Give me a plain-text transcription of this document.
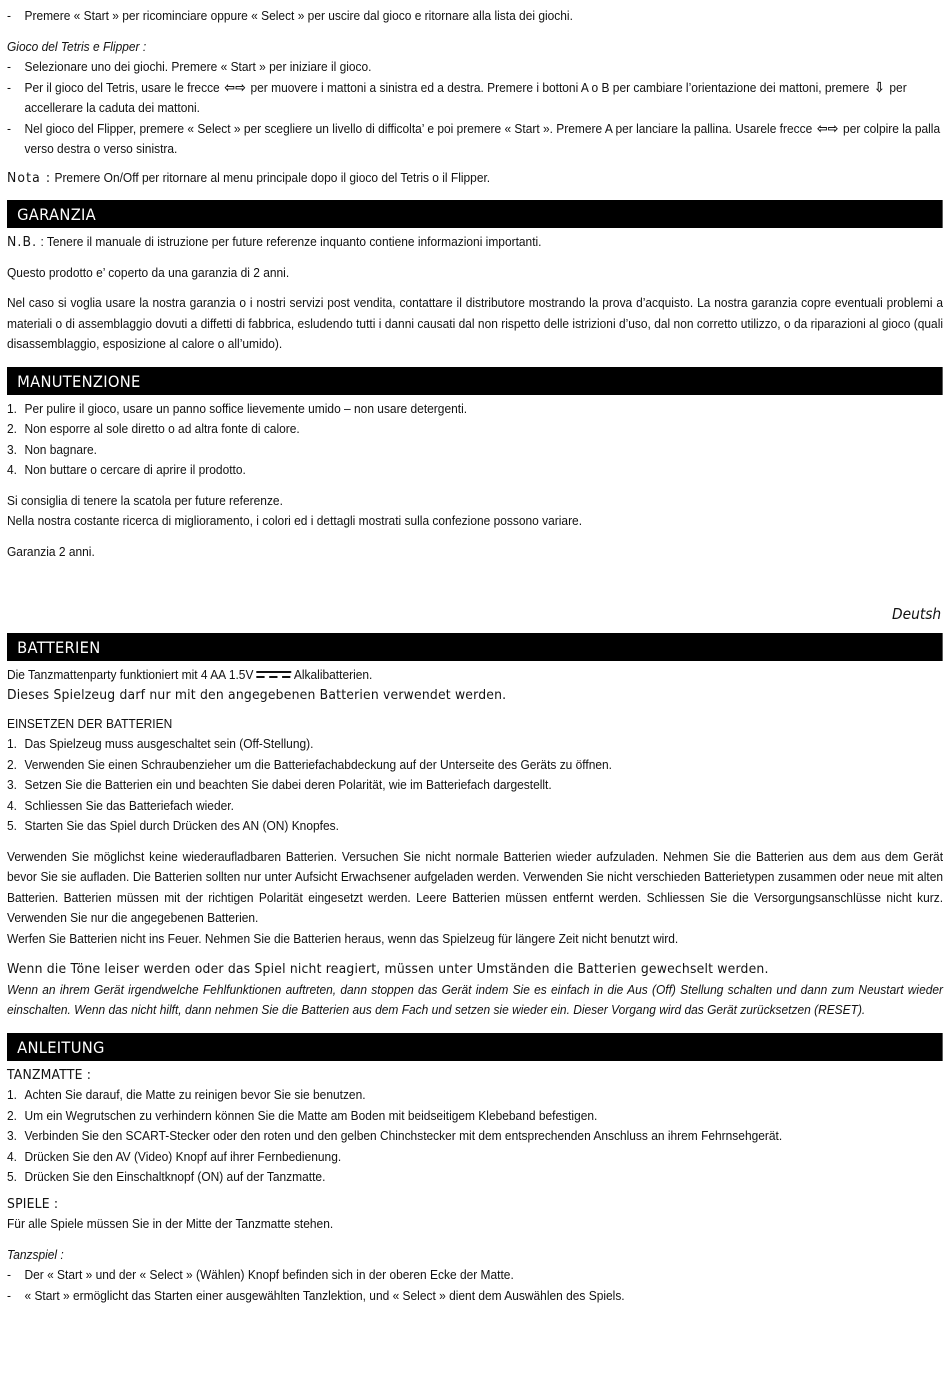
- Premere « Start » per ricominciare oppure « Select » per uscire dal gioco e ritornare alla lista dei giochi.

Gioco del Tetris e Flipper :

- Selezionare uno dei giochi. Premere « Start » per iniziare il gioco.

- Per il gioco del Tetris, usare le frecce ⇦⇨ per muovere i mattoni a sinistra ed a destra. Premere i bottoni A o B per cambiare l’orientazione dei mattoni, premere ⇩ per accellerare la caduta dei mattoni.

- Nel gioco del Flipper, premere « Select » per scegliere un livello di difficolta’ e poi premere « Start ». Premere A per lanciare la pallina. Usarele frecce ⇦⇨ per colpire la palla verso destra o verso sinistra.

Nota : Premere On/Off per ritornare al menu principale dopo il gioco del Tetris o il Flipper.

GARANZIA

N.B. : Tenere il manuale di istruzione per future referenze inquanto contiene informazioni importanti.

Questo prodotto e’ coperto da una garanzia di 2 anni.

Nel caso si voglia usare la nostra garanzia o i nostri servizi post vendita, contattare il distributore mostrando la prova d’acquisto. La nostra garanzia copre eventuali problemi a materiali o di assemblaggio dovuti a diffetti di fabbrica, esludendo tutti i danni causati dal non rispetto delle istrizioni d’uso, dal non corretto utilizzo, o da riparazioni al gioco (quali disassemblaggio, esposizione al calore o all’umido).

MANUTENZIONE

1. Per pulire il gioco, usare un panno soffice lievemente umido – non usare detergenti.

2. Non esporre al sole diretto o ad altra fonte di calore.

3. Non bagnare.

4. Non buttare o cercare di aprire il prodotto.

Si consiglia di tenere la scatola per future referenze.

Nella nostra costante ricerca di miglioramento, i colori ed i dettagli mostrati sulla confezione possono variare.

Garanzia 2 anni.

Deutsh

BATTERIEN

Die Tanzmattenparty funktioniert mit 4 AA 1.5V	Alkalibatterien.

Dieses Spielzeug darf nur mit den angegebenen Batterien verwendet werden.

EINSETZEN DER BATTERIEN

1. Das Spielzeug muss ausgeschaltet sein (Off-Stellung).

2. Verwenden Sie einen Schraubenzieher um die Batteriefachabdeckung auf der Unterseite des Geräts zu öffnen.

3. Setzen Sie die Batterien ein und beachten Sie dabei deren Polarität, wie im Batteriefach dargestellt.

4. Schliessen Sie das Batteriefach wieder.

5. Starten Sie das Spiel durch Drücken des AN (ON) Knopfes.

Verwenden Sie möglichst keine wiederaufladbaren Batterien. Versuchen Sie nicht normale Batterien wieder aufzuladen. Nehmen Sie die Batterien aus dem aus dem Gerät bevor Sie sie aufladen. Die Batterien sollten nur unter Aufsicht Erwachsener aufgeladen werden. Verwenden Sie nicht verschieden Batterietypen zusammen oder neue mit alten Batterien. Batterien müssen mit der richtigen Polarität eingesetzt werden. Leere Batterien müssen entfernt werden. Schliessen Sie die Versorgungsanschlüsse nicht kurz. Verwenden Sie nur die angegebenen Batterien.

Werfen Sie Batterien nicht ins Feuer. Nehmen Sie die Batterien heraus, wenn das Spielzeug für längere Zeit nicht benutzt wird.

Wenn die Töne leiser werden oder das Spiel nicht reagiert, müssen unter Umständen die Batterien gewechselt werden.

Wenn an ihrem Gerät irgendwelche Fehlfunktionen auftreten, dann stoppen das Gerät indem Sie es einfach in die Aus (Off) Stellung schalten und dann zum Neustart wieder einschalten. Wenn das nicht hilft, dann nehmen Sie die Batterien aus dem Fach und setzen sie wieder ein. Dieser Vorgang wird das Gerät zurücksetzen (RESET).

ANLEITUNG

TANZMATTE :

1. Achten Sie darauf, die Matte zu reinigen bevor Sie sie benutzen.

2. Um ein Wegrutschen zu verhindern können Sie die Matte am Boden mit beidseitigem Klebeband befestigen.

3. Verbinden Sie den SCART-Stecker oder den roten und den gelben Chinchstecker mit dem entsprechenden Anschluss an ihrem Fehrnsehgerät.

4. Drücken Sie den AV (Video) Knopf auf ihrer Fernbedienung.

5. Drücken Sie den Einschaltknopf (ON) auf der Tanzmatte.

SPIELE :

Für alle Spiele müssen Sie in der Mitte der Tanzmatte stehen.

Tanzspiel :

- Der « Start » und der « Select » (Wählen) Knopf befinden sich in der oberen Ecke der Matte.

- « Start » ermöglicht das Starten einer ausgewählten Tanzlektion, und « Select » dient dem Auswählen des Spiels.
